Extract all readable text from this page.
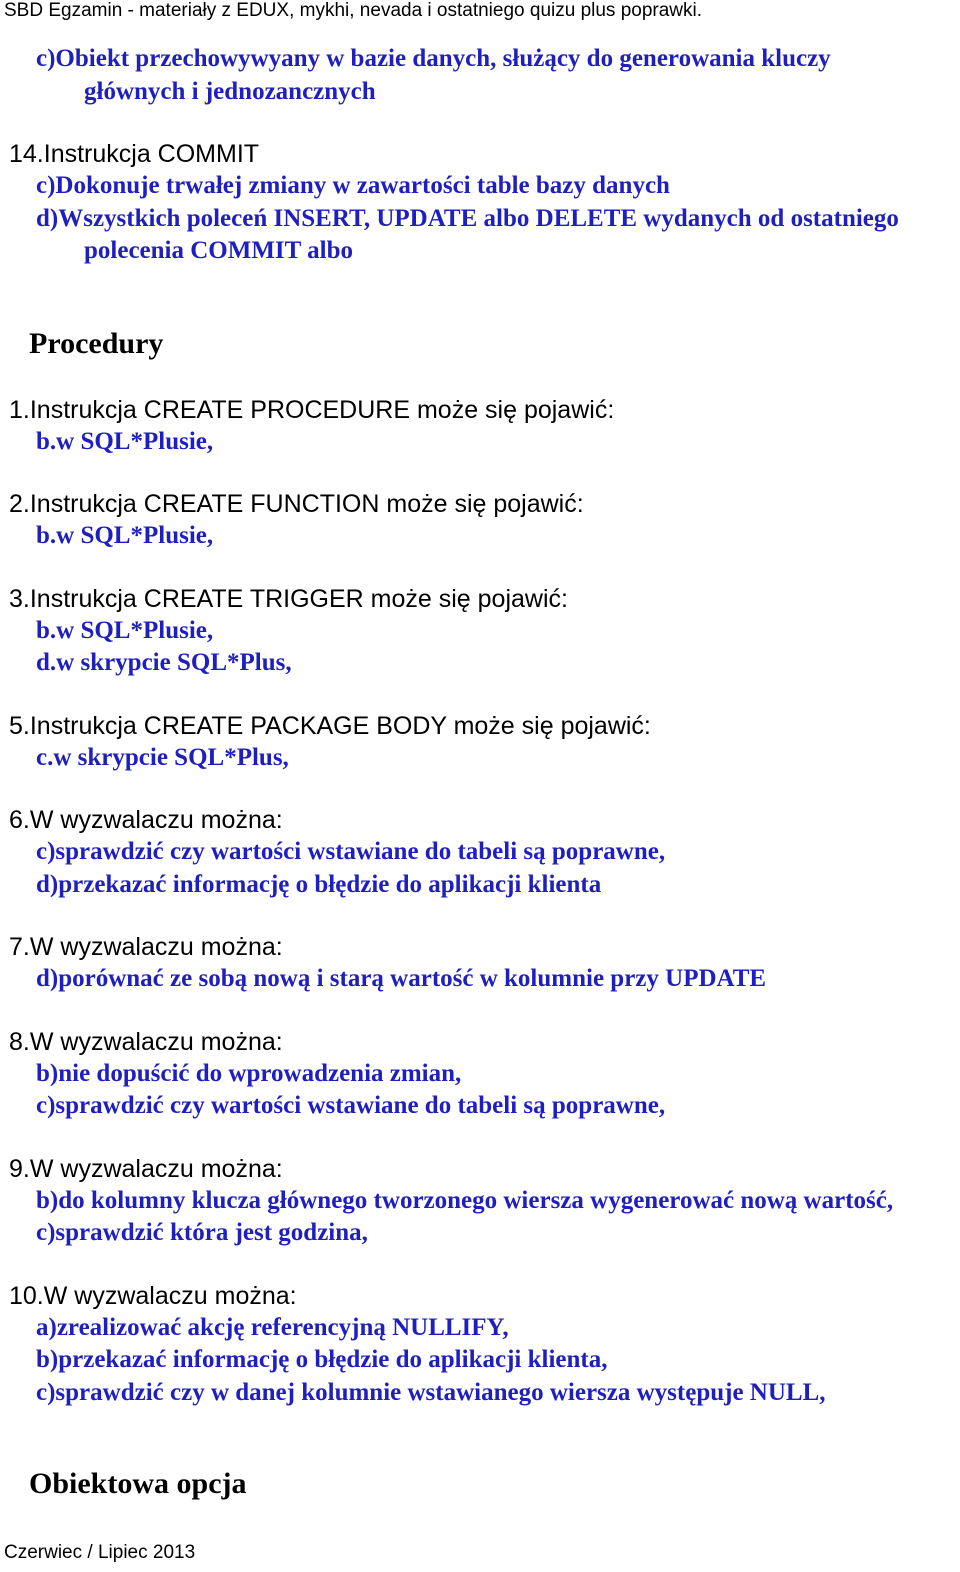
SBD Egzamin - materiały z EDUX, mykhi, nevada i ostatniego quizu plus poprawki.

c)Obiekt przechowywyany w bazie danych, służący do generowania kluczy
głównych i jednozancznych

14.Instrukcja COMMIT

c)Dokonuje trwałej zmiany w zawartości table bazy danych

d)Wszystkich poleceń INSERT, UPDATE albo DELETE wydanych od ostatniego
polecenia COMMIT albo

Procedury

1.Instrukcja CREATE PROCEDURE może się pojawić:

b.w SQL*Plusie,

2.Instrukcja CREATE FUNCTION może się pojawić:

b.w SQL*Plusie,

3.Instrukcja CREATE TRIGGER może się pojawić:

b.w SQL*Plusie,

d.w skrypcie SQL*Plus,

5.Instrukcja CREATE PACKAGE BODY może się pojawić:

c.w skrypcie SQL*Plus,

6.W wyzwalaczu można:

c)sprawdzić czy wartości wstawiane do tabeli są poprawne,

d)przekazać informację o błędzie do aplikacji klienta

7.W wyzwalaczu można:

d)porównać ze sobą nową i starą wartość w kolumnie przy UPDATE

8.W wyzwalaczu można:

b)nie dopuścić do wprowadzenia zmian,

c)sprawdzić czy wartości wstawiane do tabeli są poprawne,

9.W wyzwalaczu można:

b)do kolumny klucza głównego tworzonego wiersza wygenerować nową wartość,

c)sprawdzić która jest godzina,

10.W wyzwalaczu można:

a)zrealizować akcję referencyjną NULLIFY,

b)przekazać informację o błędzie do aplikacji klienta,

c)sprawdzić czy w danej kolumnie wstawianego wiersza występuje NULL,

Obiektowa opcja
Czerwiec / Lipiec 2013
